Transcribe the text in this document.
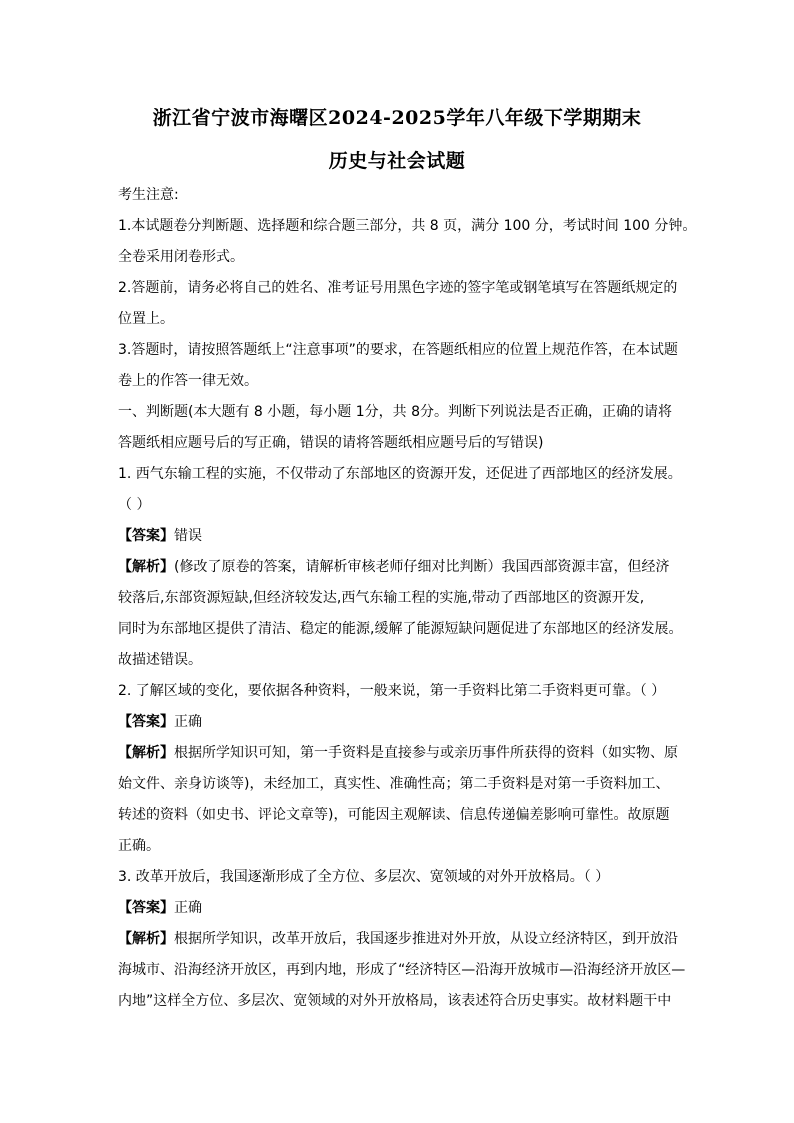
浙江省宁波市海曙区2024-2025学年八年级下学期期末
历史与社会试题
考生注意:
1.本试题卷分判断题、选择题和综合题三部分，共 8 页，满分 100 分，考试时间 100 分钟。
全卷采用闭卷形式。
2.答题前，请务必将自己的姓名、准考证号用黑色字迹的签字笔或钢笔填写在答题纸规定的
位置上。
3.答题时，请按照答题纸上“注意事项”的要求，在答题纸相应的位置上规范作答，在本试题
卷上的作答一律无效。
一、判断题(本大题有 8 小题，每小题 1分，共 8分。判断下列说法是否正确，正确的请将
答题纸相应题号后的写正确，错误的请将答题纸相应题号后的写错误)
1. 西气东输工程的实施，不仅带动了东部地区的资源开发，还促进了西部地区的经济发展。
（ ）
【答案】错误
【解析】(修改了原卷的答案，请解析审核老师仔细对比判断）我国西部资源丰富，但经济
较落后,东部资源短缺,但经济较发达,西气东输工程的实施,带动了西部地区的资源开发,
同时为东部地区提供了清洁、稳定的能源,缓解了能源短缺问题促进了东部地区的经济发展。
故描述错误。
2. 了解区域的变化，要依据各种资料，一般来说，第一手资料比第二手资料更可靠。（ ）
【答案】正确
【解析】根据所学知识可知，第一手资料是直接参与或亲历事件所获得的资料（如实物、原
始文件、亲身访谈等)，未经加工，真实性、准确性高；第二手资料是对第一手资料加工、
转述的资料（如史书、评论文章等)，可能因主观解读、信息传递偏差影响可靠性。故原题
正确。
3. 改革开放后，我国逐渐形成了全方位、多层次、宽领域的对外开放格局。（ ）
【答案】正确
【解析】根据所学知识，改革开放后，我国逐步推进对外开放，从设立经济特区，到开放沿
海城市、沿海经济开放区，再到内地，形成了“经济特区—沿海开放城市—沿海经济开放区—
内地”这样全方位、多层次、宽领域的对外开放格局，该表述符合历史事实。故材料题干中
